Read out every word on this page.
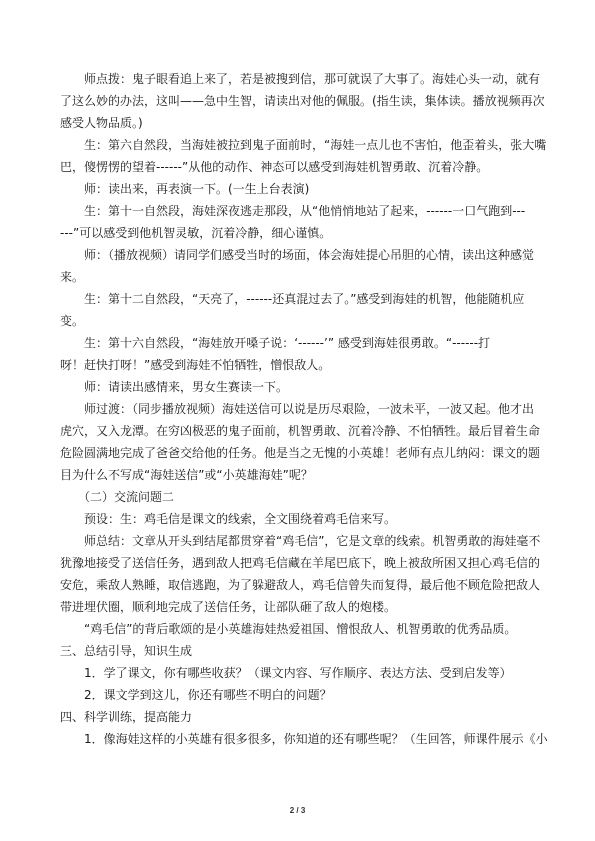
　　师点拨：鬼子眼看追上来了，若是被搜到信，那可就误了大事了。海娃心头一动，就有

了这么妙的办法，这叫——急中生智，请读出对他的佩服。(指生读，集体读。播放视频再次

感受人物品质。)

　　生：第六自然段，当海娃被拉到鬼子面前时，“海娃一点儿也不害怕，他歪着头，张大嘴

巴，傻愣愣的望着------”从他的动作、神态可以感受到海娃机智勇敢、沉着冷静。

　　师：读出来，再表演一下。(一生上台表演)

　　生：第十一自然段，海娃深夜逃走那段，从“他悄悄地站了起来，------一口气跑到---

---”可以感受到他机智灵敏，沉着冷静，细心谨慎。

　　师：（播放视频）请同学们感受当时的场面，体会海娃提心吊胆的心情，读出这种感觉

来。

　　生：第十二自然段，“天亮了，------还真混过去了。”感受到海娃的机智，他能随机应

变。

　　生：第十六自然段，“海娃放开嗓子说：‘------’” 感受到海娃很勇敢。“------打

呀！赶快打呀！”感受到海娃不怕牺牲，憎恨敌人。

　　师：请读出感情来，男女生赛读一下。

　　师过渡：（同步播放视频）海娃送信可以说是历尽艰险，一波未平，一波又起。他才出

虎穴，又入龙潭。在穷凶极恶的鬼子面前，机智勇敢、沉着冷静、不怕牺牲。最后冒着生命

危险圆满地完成了爸爸交给他的任务。他是当之无愧的小英雄！老师有点儿纳闷：课文的题

目为什么不写成“海娃送信”或“小英雄海娃”呢？

　　（二）交流问题二

　　预设：生：鸡毛信是课文的线索，全文围绕着鸡毛信来写。

　　师总结：文章从开头到结尾都贯穿着“鸡毛信”，它是文章的线索。机智勇敢的海娃毫不

犹豫地接受了送信任务，遇到敌人把鸡毛信藏在羊尾巴底下，晚上被敌所困又担心鸡毛信的

安危，乘敌人熟睡，取信逃跑，为了躲避敌人，鸡毛信曾失而复得，最后他不顾危险把敌人

带进埋伏圈，顺利地完成了送信任务，让部队砸了敌人的炮楼。

　　“鸡毛信”的背后歌颂的是小英雄海娃热爱祖国、憎恨敌人、机智勇敢的优秀品质。

三、总结引导，知识生成

　　1．学了课文，你有哪些收获？（课文内容、写作顺序、表达方法、受到启发等）

　　2．课文学到这儿，你还有哪些不明白的问题？

四、科学训练，提高能力

　　1．像海娃这样的小英雄有很多很多，你知道的还有哪些呢？（生回答，师课件展示《小

2 / 3
